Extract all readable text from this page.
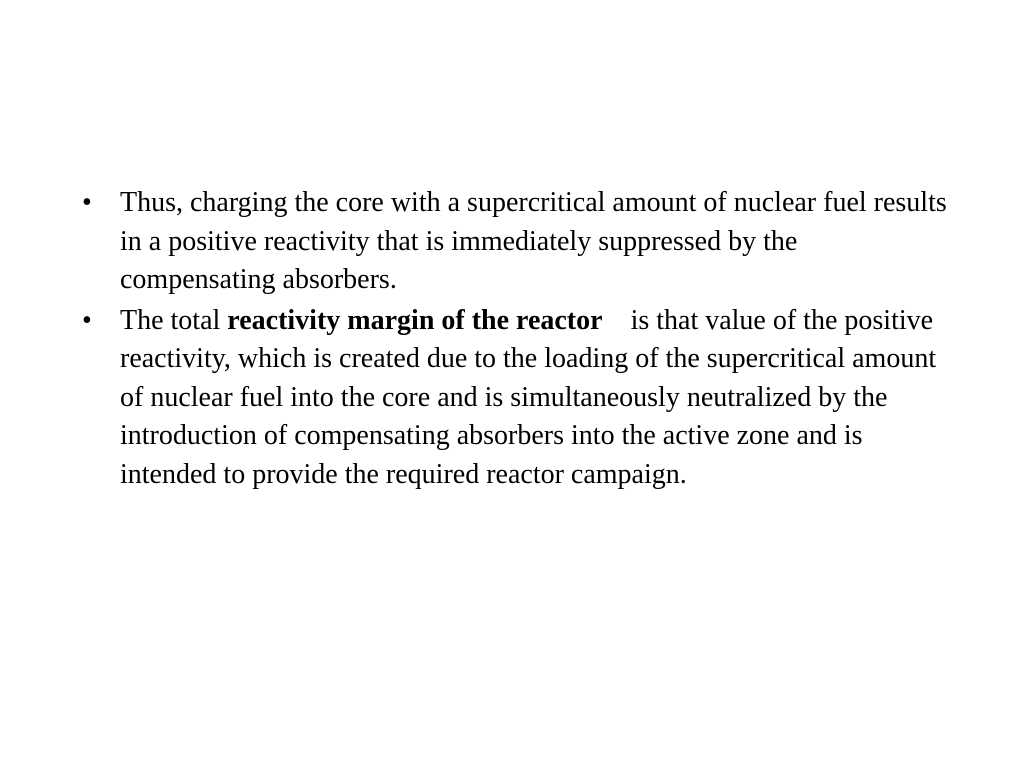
•	Thus, charging the core with a supercritical amount of nuclear fuel results in a positive reactivity that is immediately suppressed by the compensating absorbers.
•	The total reactivity margin of the reactor    is that value of the positive reactivity, which is created due to the loading of the supercritical amount of nuclear fuel into the core and is simultaneously neutralized by the introduction of compensating absorbers into the active zone and is intended to provide the required reactor campaign.
